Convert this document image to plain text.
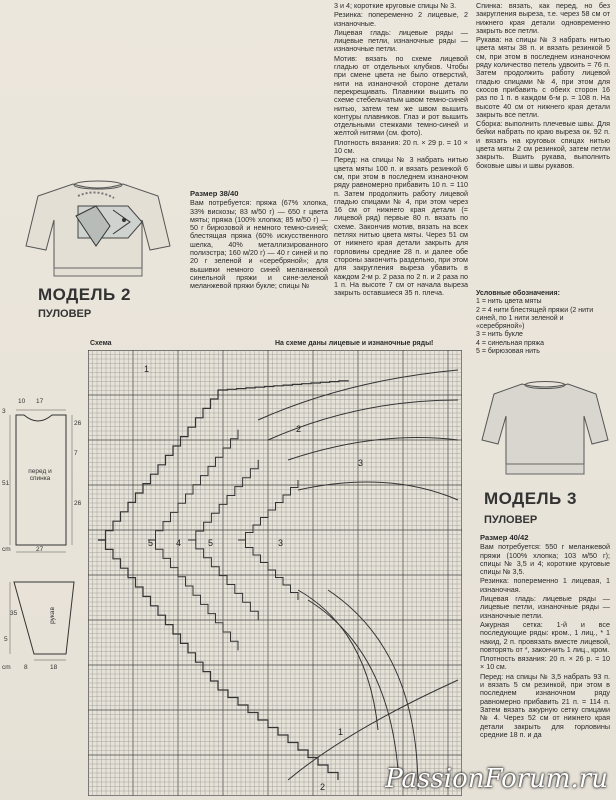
3 и 4; короткие круговые спицы № 3.

Резинка: попеременно 2 лицевые, 2 изнаночные.

Лицевая гладь: лицевые ряды — лицевые петли, изнаночные ряды — изнаночные петли.

Мотив: вязать по схеме лицевой гладью от отдельных клубков. Чтобы при смене цвета не было отверстий, нити на изнаночной стороне детали перекрещивать. Плавники вышить по схеме стебельчатым швом темно-синей нитью, затем тем же швом вышить контуры плавников. Глаз и рот вышить отдельными стежками темно-синей и желтой нитями (см. фото).

Плотность вязания: 20 п. × 29 р. = 10 × 10 см.

Перед: на спицы № 3 набрать нитью цвета мяты 100 п. и вязать резинкой 6 см, при этом в последнем изнаночном ряду равномерно прибавить 10 п. = 110 п. Затем продолжить работу лицевой гладью спицами № 4, при этом через 16 см от нижнего края детали (= лицевой ряд) первые 80 п. вязать по схеме. Закончив мотив, вязать на всех петлях нитью цвета мяты. Через 51 см от нижнего края детали закрыть для горловины средние 28 п. и далее обе стороны закончить раздельно, при этом для закругления выреза убавить в каждом 2-м р. 2 раза по 2 п. и 2 раза по 1 п. На высоте 7 см от начала выреза закрыть оставшиеся 35 п. плеча.

Спинка: вязать, как перед, но без закругления выреза, т.е. через 58 см от нижнего края детали одновременно закрыть все петли.

Рукава: на спицы № 3 набрать нитью цвета мяты 38 п. и вязать резинкой 5 см, при этом в последнем изнаночном ряду количество петель удвоить = 76 п. Затем продолжить работу лицевой гладью спицами № 4, при этом для скосов прибавить с обеих сторон 16 раз по 1 п. в каждом 6-м р. = 108 п. На высоте 40 см от нижнего края детали закрыть все петли.

Сборка: выполнить плечевые швы. Для бейки набрать по краю выреза ок. 92 п. и вязать на круговых спицах нитью цвета мяты 2 см резинкой, затем петли закрыть. Вшить рукава, выполнить боковые швы и швы рукавов.

Условные обозначения:
1 = нить цвета мяты
2 = 4 нити блестящей пряжи (2 нити синей, по 1 нити зеленой и «серебряной»)
3 = нить букле
4 = синельная пряжа
5 = бирюзовая нить
МОДЕЛЬ 2
ПУЛОВЕР

Размер 38/40

Вам потребуется: пряжа (67% хлопка, 33% вискозы; 83 м/50 г) — 650 г цвета мяты; пряжа (100% хлопка; 85 м/50 г) — 50 г бирюзовой и немного темно-синей; блестящая пряжа (60% искусственного шелка, 40% металлизированного полиэстра; 160 м/20 г) — 40 г синей и по 20 г зеленой и «серебряной»; для вышивки немного синей меланжевой синельной пряжи и сине-зеленой меланжевой пряжи букле; спицы №

Схема	На схеме даны лицевые и изнаночные ряды!
1
2
5	4	5	3
3
2
1
перед и спинка
10 17
3
26
51
7
26
27
cm
рукав
35
8	18
5
cm
МОДЕЛЬ 3
ПУЛОВЕР

Размер 40/42

Вам потребуется: 550 г меланжевой пряжи (100% хлопка; 103 м/50 г); спицы № 3,5 и 4; короткие круговые спицы № 3,5.

Резинка: попеременно 1 лицевая, 1 изнаночная.

Лицевая гладь: лицевые ряды — лицевые петли, изнаночные ряды — изнаночные петли.

Ажурная сетка: 1-й и все последующие ряды: кром., 1 лиц., * 1 накид, 2 п. провязать вместе лицевой, повторять от *, закончить 1 лиц., кром.

Плотность вязания: 20 п. × 26 р. = 10 × 10 см.

Перед: на спицы № 3,5 набрать 93 п. и вязать 5 см резинкой, при этом в последнем изнаночном ряду равномерно прибавить 21 п. = 114 п. Затем вязать ажурную сетку спицами № 4. Через 52 см от нижнего края детали закрыть для горловины средние 18 п. и да

PassionForum.ru
